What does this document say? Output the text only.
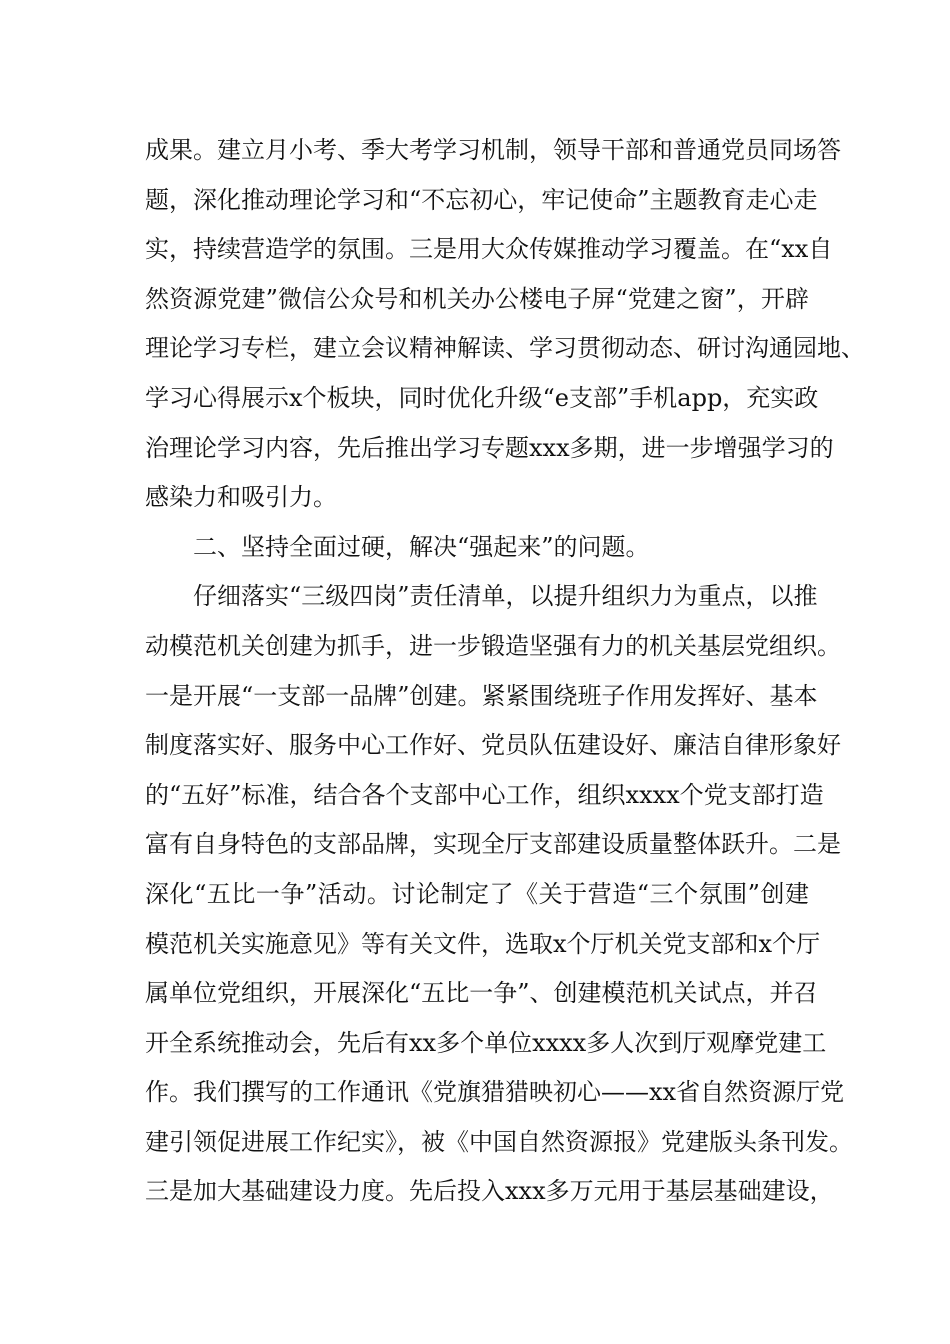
成果。建立月小考、季大考学习机制，领导干部和普通党员同场答
题，深化推动理论学习和“不忘初心，牢记使命”主题教育走心走
实，持续营造学的氛围。三是用大众传媒推动学习覆盖。在“xx自
然资源党建”微信公众号和机关办公楼电子屏“党建之窗”，开辟
理论学习专栏，建立会议精神解读、学习贯彻动态、研讨沟通园地、
学习心得展示x个板块，同时优化升级“e支部”手机app，充实政
治理论学习内容，先后推出学习专题xxx多期，进一步增强学习的
感染力和吸引力。
二、坚持全面过硬，解决“强起来”的问题。
仔细落实“三级四岗”责任清单，以提升组织力为重点，以推
动模范机关创建为抓手，进一步锻造坚强有力的机关基层党组织。
一是开展“一支部一品牌”创建。紧紧围绕班子作用发挥好、基本
制度落实好、服务中心工作好、党员队伍建设好、廉洁自律形象好
的“五好”标准，结合各个支部中心工作，组织xxxx个党支部打造
富有自身特色的支部品牌，实现全厅支部建设质量整体跃升。二是
深化“五比一争”活动。讨论制定了《关于营造“三个氛围”创建
模范机关实施意见》等有关文件，选取x个厅机关党支部和x个厅
属单位党组织，开展深化“五比一争”、创建模范机关试点，并召
开全系统推动会，先后有xx多个单位xxxx多人次到厅观摩党建工
作。我们撰写的工作通讯《党旗猎猎映初心——xx省自然资源厅党
建引领促进展工作纪实》，被《中国自然资源报》党建版头条刊发。
三是加大基础建设力度。先后投入xxx多万元用于基层基础建设，
